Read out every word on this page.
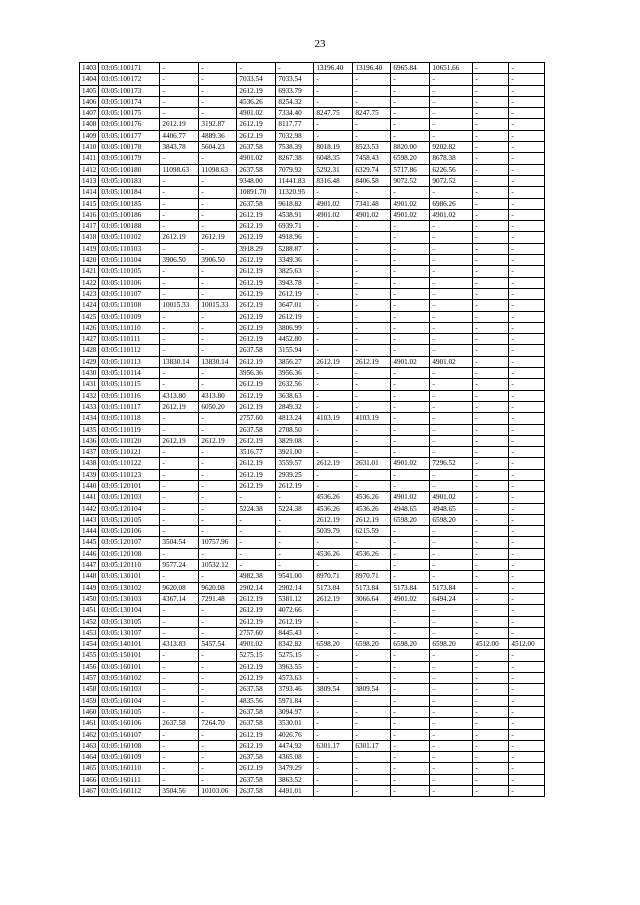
23
1403	03:05:100171	-	-	-	-	13196.40	13196.40	6965.84	10651.66	-	-
1404	03:05:100172	-	-	7033.54	7033.54	-	-	-	-	-	-
1405	03:05:100173	-	-	2612.19	6933.79	-	-	-	-	-	-
1406	03:05:100174	-	-	4536.26	8254.32	-	-	-	-	-	-
1407	03:05:100175	-	-	4901.02	7334.40	8247.75	8247.75	-	-	-	-
1408	03:05:100176	2612.19	3192.87	2612.19	8117.77	-	-	-	-	-	-
1409	03:05:100177	4406.77	4889.36	2612.19	7032.98	-	-	-	-	-	-
1410	03:05:100178	3843.78	5604.23	2637.58	7538.39	8018.19	8523.53	8820.00	9202.82	-	-
1411	03:05:100179	-	-	4901.02	8267.38	6048.35	7458.43	6598.20	8678.38	-	-
1412	03:05:100180	11098.63	11098.63	2637.58	7079.92	5292.31	6329.74	5717.86	6226.56	-	-
1413	03:05:100183	-	-	9348.00	11441.83	8316.48	8406.58	9072.52	9072.52	-	-
1414	03:05:100184	-	-	10891.70	11320.95	-	-	-	-	-	-
1415	03:05:100185	-	-	2637.58	9618.82	4901.02	7341.48	4901.02	6986.26	-	-
1416	03:05:100186	-	-	2612.19	4538.91	4901.02	4901.02	4901.02	4901.02	-	-
1417	03:05:100188	-	-	2612.19	6939.71	-	-	-	-	-	-
1418	03:05:110102	2612.19	2612.19	2612.19	4918.96	-	-	-	-	-	-
1419	03:05:110103	-	-	3918.29	5288.87	-	-	-	-	-	-
1420	03:05:110104	3906.50	3906.50	2612.19	3349.36	-	-	-	-	-	-
1421	03:05:110105	-	-	2612.19	3825.63	-	-	-	-	-	-
1422	03:05:110106	-	-	2612.19	3943.78	-	-	-	-	-	-
1423	03:05:110107	-	-	2612.19	2612.19	-	-	-	-	-	-
1424	03:05:110108	10015.33	10015.33	2612.19	3647.01	-	-	-	-	-	-
1425	03:05:110109	-	-	2612.19	2612.19	-	-	-	-	-	-
1426	03:05:110110	-	-	2612.19	3806.99	-	-	-	-	-	-
1427	03:05:110111	-	-	2612.19	4452.80	-	-	-	-	-	-
1428	03:05:110112	-	-	2637.58	3155.94	-	-	-	-	-	-
1429	03:05:110113	13830.14	13830.14	2612.19	3856.27	2612.19	2612.19	4901.02	4901.02	-	-
1430	03:05:110114	-	-	3956.36	3956.36	-	-	-	-	-	-
1431	03:05:110115	-	-	2612.19	2632.56	-	-	-	-	-	-
1432	03:05:110116	4313.80	4313.80	2612.19	3638.63	-	-	-	-	-	-
1433	03:05:110117	2612.19	6050.20	2612.19	2849.32	-	-	-	-	-	-
1434	03:05:110118	-	-	2757.60	4813.24	4103.19	4103.19	-	-	-	-
1435	03:05:110119	-	-	2637.58	2708.50	-	-	-	-	-	-
1436	03:05:110120	2612.19	2612.19	2612.19	3829.08	-	-	-	-	-	-
1437	03:05:110121	-	-	3516.77	3921.00	-	-	-	-	-	-
1438	03:05:110122	-	-	2612.19	3559.57	2612.19	2631.01	4901.02	7296.52	-	-
1439	03:05:110123	-	-	2612.19	2939.25	-	-	-	-	-	-
1440	03:05:120101	-	-	2612.19	2612.19	-	-	-	-	-	-
1441	03:05:120103	-	-	-	-	4536.26	4536.26	4901.02	4901.02	-	-
1442	03:05:120104	-	-	5224.38	5224.38	4536.26	4536.26	4948.65	4948.65	-	-
1443	03:05:120105	-	-	-	-	2612.19	2612.19	6598.20	6598.20	-	-
1444	03:05:120106	-	-	-	-	5039.79	6215.59	-	-	-	-
1445	03:05:120107	3504.54	10757.96	-	-	-	-	-	-	-	-
1446	03:05:120108	-	-	-	-	4536.26	4536.26	-	-	-	-
1447	03:05:120110	9577.24	10532.12	-	-	-	-	-	-	-	-
1448	03:05:130101	-	-	4982.38	9541.00	8970.71	8970.71	-	-	-	-
1449	03:05:130102	9620.08	9620.08	2902.14	2902.14	5173.84	5173.84	5173.84	5173.84	-	-
1450	03:05:130103	4367.14	7291.48	2612.19	5381.12	2612.19	3066.64	4901.02	6494.24	-	-
1451	03:05:130104	-	-	2612.19	4072.66	-	-	-	-	-	-
1452	03:05:130105	-	-	2612.19	2612.19	-	-	-	-	-	-
1453	03:05:130107	-	-	2757.60	8445.43	-	-	-	-	-	-
1454	03:05:140101	4313.83	5457.54	4901.02	8342.82	6598.20	6598.20	6598.20	6598.20	4512.00	4512.00
1455	03:05:150101	-	-	5275.15	5275.15	-	-	-	-	-	-
1456	03:05:160101	-	-	2612.19	3963.55	-	-	-	-	-	-
1457	03:05:160102	-	-	2612.19	4573.63	-	-	-	-	-	-
1458	03:05:160103	-	-	2637.58	3793.46	3809.54	3809.54	-	-	-	-
1459	03:05:160104	-	-	4835.56	5971.84	-	-	-	-	-	-
1460	03:05:160105	-	-	2637.58	3094.97	-	-	-	-	-	-
1461	03:05:160106	2637.58	7264.70	2637.58	3530.01	-	-	-	-	-	-
1462	03:05:160107	-	-	2612.19	4026.76	-	-	-	-	-	-
1463	03:05:160108	-	-	2612.19	4474.92	6301.17	6301.17	-	-	-	-
1464	03:05:160109	-	-	2637.58	4365.08	-	-	-	-	-	-
1465	03:05:160110	-	-	2612.19	3479.29	-	-	-	-	-	-
1466	03:05:160111	-	-	2637.58	3863.52	-	-	-	-	-	-
1467	03:05:160112	3504.56	10103.06	2637.58	4491.01	-	-	-	-	-	-
